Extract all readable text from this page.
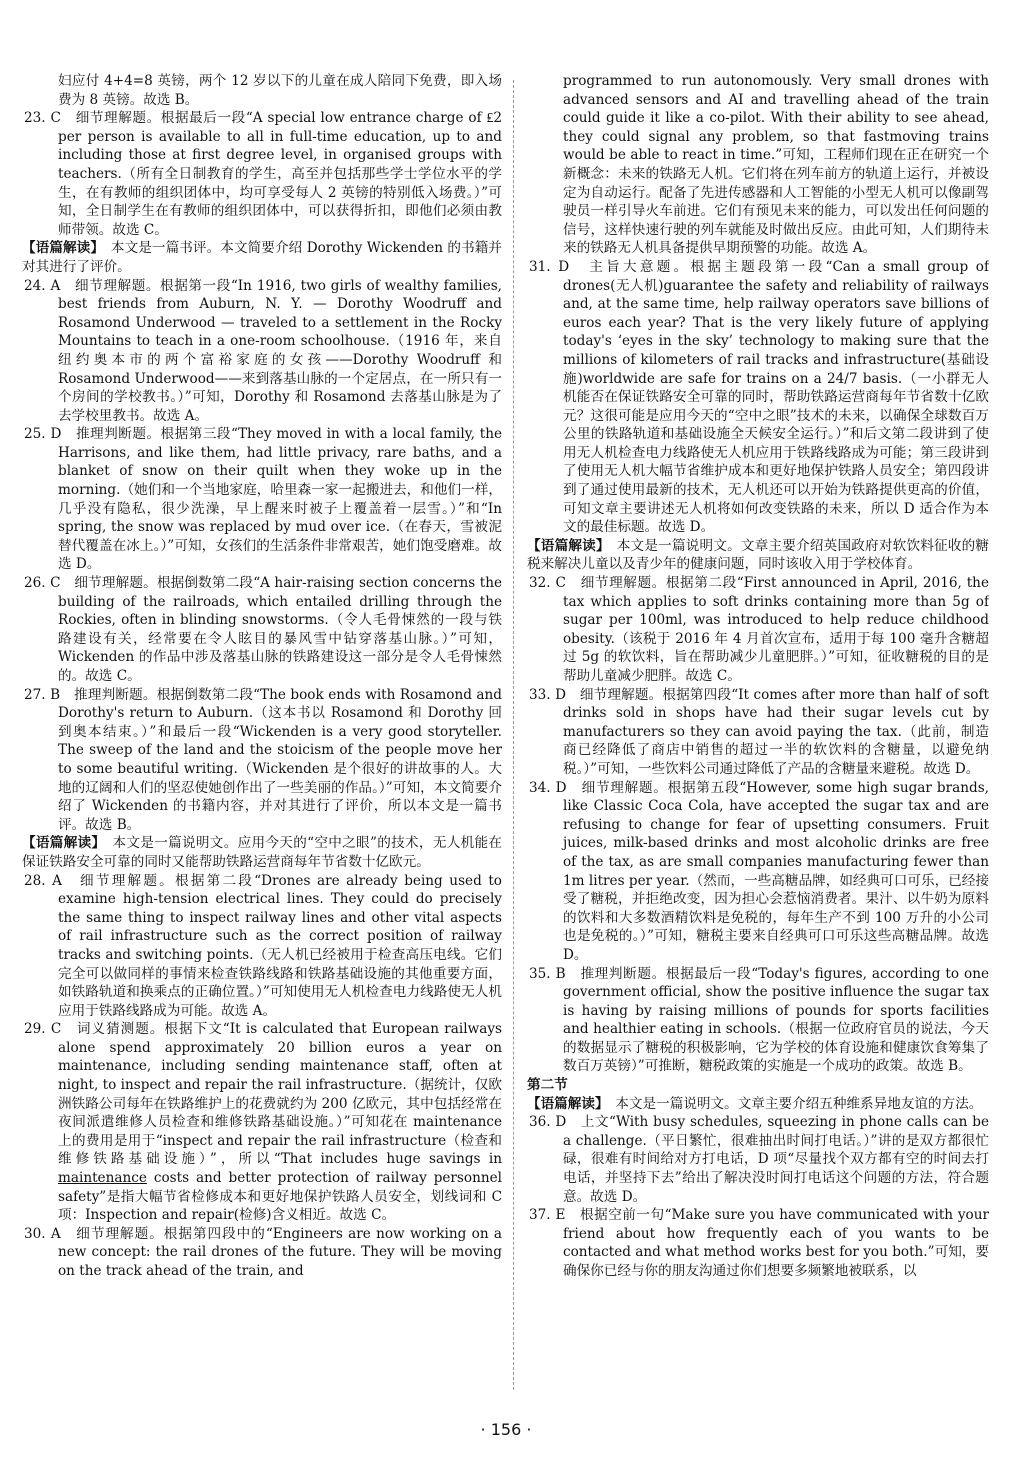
妇应付 4+4=8 英镑，两个 12 岁以下的儿童在成人陪同下免费，即入场费为 8 英镑。故选 B。

23. C　细节理解题。根据最后一段“A special low entrance charge of ₤2 per person is available to all in full-time education, up to and including those at first degree level, in organised groups with teachers.（所有全日制教育的学生，高至并包括那些学士学位水平的学生，在有教师的组织团体中，均可享受每人 2 英镑的特别低入场费。）”可知，全日制学生在有教师的组织团体中，可以获得折扣，即他们必须由教师带领。故选 C。

【语篇解读】　 本文是一篇书评。本文简要介绍 Dorothy Wickenden 的书籍并对其进行了评价。

24. A　细节理解题。根据第一段“In 1916, two girls of wealthy families, best friends from Auburn, N. Y. — Dorothy Woodruff and Rosamond Underwood — traveled to a settlement in the Rocky Mountains to teach in a one-room schoolhouse.（1916 年，来自纽约奥本市的两个富裕家庭的女孩——Dorothy Woodruff 和 Rosamond Underwood——来到落基山脉的一个定居点，在一所只有一个房间的学校教书。）”可知，Dorothy 和 Rosamond 去落基山脉是为了去学校里教书。故选 A。

25. D　推理判断题。根据第三段“They moved in with a local family, the Harrisons, and like them, had little privacy, rare baths, and a blanket of snow on their quilt when they woke up in the morning.（她们和一个当地家庭，哈里森一家一起搬进去，和他们一样，几乎没有隐私，很少洗澡，早上醒来时被子上覆盖着一层雪。）”和“In spring, the snow was replaced by mud over ice.（在春天，雪被泥替代覆盖在冰上。）”可知，女孩们的生活条件非常艰苦，她们饱受磨难。故选 D。

26. C　细节理解题。根据倒数第二段“A hair-raising section concerns the building of the railroads, which entailed drilling through the Rockies, often in blinding snowstorms.（令人毛骨悚然的一段与铁路建设有关，经常要在令人眩目的暴风雪中钻穿落基山脉。）”可知，Wickenden 的作品中涉及落基山脉的铁路建设这一部分是令人毛骨悚然的。故选 C。

27. B　推理判断题。根据倒数第二段“The book ends with Rosamond and Dorothy's return to Auburn.（这本书以 Rosamond 和 Dorothy 回到奥本结束。）”和最后一段“Wickenden is a very good storyteller. The sweep of the land and the stoicism of the people move her to some beautiful writing.（Wickenden 是个很好的讲故事的人。大地的辽阔和人们的坚忍使她创作出了一些美丽的作品。）”可知，本文简要介绍了 Wickenden 的书籍内容，并对其进行了评价，所以本文是一篇书评。故选 B。

【语篇解读】　 本文是一篇说明文。应用今天的“空中之眼”的技术，无人机能在保证铁路安全可靠的同时又能帮助铁路运营商每年节省数十亿欧元。

28. A　细节理解题。根据第二段“Drones are already being used to examine high-tension electrical lines. They could do precisely the same thing to inspect railway lines and other vital aspects of rail infrastructure such as the correct position of railway tracks and switching points.（无人机已经被用于检查高压电线。它们完全可以做同样的事情来检查铁路线路和铁路基础设施的其他重要方面，如铁路轨道和换乘点的正确位置。）”可知使用无人机检查电力线路使无人机应用于铁路线路成为可能。故选 A。

29. C　词义猜测题。根据下文“It is calculated that European railways alone spend approximately 20 billion euros a year on maintenance, including sending maintenance staff, often at night, to inspect and repair the rail infrastructure.（据统计，仅欧洲铁路公司每年在铁路维护上的花费就约为 200 亿欧元，其中包括经常在夜间派遣维修人员检查和维修铁路基础设施。）”可知花在 maintenance 上的费用是用于“inspect and repair the rail infrastructure（检查和维修铁路基础设施）”，所以“That includes huge savings in maintenance costs and better protection of railway personnel safety”是指大幅节省检修成本和更好地保护铁路人员安全，划线词和 C 项：Inspection and repair(检修)含义相近。故选 C。

30. A　细节理解题。根据第四段中的“Engineers are now working on a new concept: the rail drones of the future. They will be moving on the track ahead of the train, and

programmed to run autonomously. Very small drones with advanced sensors and AI and travelling ahead of the train could guide it like a co-pilot. With their ability to see ahead, they could signal any problem, so that fastmoving trains would be able to react in time.”可知，工程师们现在正在研究一个新概念：未来的铁路无人机。它们将在列车前方的轨道上运行，并被设定为自动运行。配备了先进传感器和人工智能的小型无人机可以像副驾驶员一样引导火车前进。它们有预见未来的能力，可以发出任何问题的信号，这样快速行驶的列车就能及时做出反应。由此可知，人们期待未来的铁路无人机具备提供早期预警的功能。故选 A。

31. D　主旨大意题。根据主题段第一段“Can a small group of drones(无人机)guarantee the safety and reliability of railways and, at the same time, help railway operators save billions of euros each year? That is the very likely future of applying today's ‘eyes in the sky’ technology to making sure that the millions of kilometers of rail tracks and infrastructure(基础设施)worldwide are safe for trains on a 24/7 basis.（一小群无人机能否在保证铁路安全可靠的同时，帮助铁路运营商每年节省数十亿欧元？这很可能是应用今天的“空中之眼”技术的未来，以确保全球数百万公里的铁路轨道和基础设施全天候安全运行。）”和后文第二段讲到了使用无人机检查电力线路使无人机应用于铁路线路成为可能；第三段讲到了使用无人机大幅节省维护成本和更好地保护铁路人员安全；第四段讲到了通过使用最新的技术，无人机还可以开始为铁路提供更高的价值，可知文章主要讲述无人机将如何改变铁路的未来，所以 D 适合作为本文的最佳标题。故选 D。

【语篇解读】　 本文是一篇说明文。文章主要介绍英国政府对软饮料征收的糖税来解决儿童以及青少年的健康问题，同时该收入用于学校体育。

32. C　细节理解题。根据第二段“First announced in April, 2016, the tax which applies to soft drinks containing more than 5g of sugar per 100ml, was introduced to help reduce childhood obesity.（该税于 2016 年 4 月首次宣布，适用于每 100 毫升含糖超过 5g 的软饮料，旨在帮助减少儿童肥胖。）”可知，征收糖税的目的是帮助儿童减少肥胖。故选 C。

33. D　细节理解题。根据第四段“It comes after more than half of soft drinks sold in shops have had their sugar levels cut by manufacturers so they can avoid paying the tax.（此前，制造商已经降低了商店中销售的超过一半的软饮料的含糖量，以避免纳税。）”可知，一些饮料公司通过降低了产品的含糖量来避税。故选 D。

34. D　细节理解题。根据第五段“However, some high sugar brands, like Classic Coca Cola, have accepted the sugar tax and are refusing to change for fear of upsetting consumers. Fruit juices, milk-based drinks and most alcoholic drinks are free of the tax, as are small companies manufacturing fewer than 1m litres per year.（然而，一些高糖品牌，如经典可口可乐，已经接受了糖税，并拒绝改变，因为担心会惹恼消费者。果汁、以牛奶为原料的饮料和大多数酒精饮料是免税的，每年生产不到 100 万升的小公司也是免税的。）”可知，糖税主要来自经典可口可乐这些高糖品牌。故选 D。

35. B　推理判断题。根据最后一段“Today's figures, according to one government official, show the positive influence the sugar tax is having by raising millions of pounds for sports facilities and healthier eating in schools.（根据一位政府官员的说法，今天的数据显示了糖税的积极影响，它为学校的体育设施和健康饮食筹集了数百万英镑）”可推断，糖税政策的实施是一个成功的政策。故选 B。

第二节

【语篇解读】　 本文是一篇说明文。文章主要介绍五种维系异地友谊的方法。

36. D　上文“With busy schedules, squeezing in phone calls can be a challenge.（平日繁忙，很难抽出时间打电话。）”讲的是双方都很忙碌，很难有时间给对方打电话，D 项“尽量找个双方都有空的时间去打电话，并坚持下去”给出了解决没时间打电话这个问题的方法，符合题意。故选 D。

37. E　根据空前一句“Make sure you have communicated with your friend about how frequently each of you wants to be contacted and what method works best for you both.”可知，要确保你已经与你的朋友沟通过你们想要多频繁地被联系，以

· 156 ·
